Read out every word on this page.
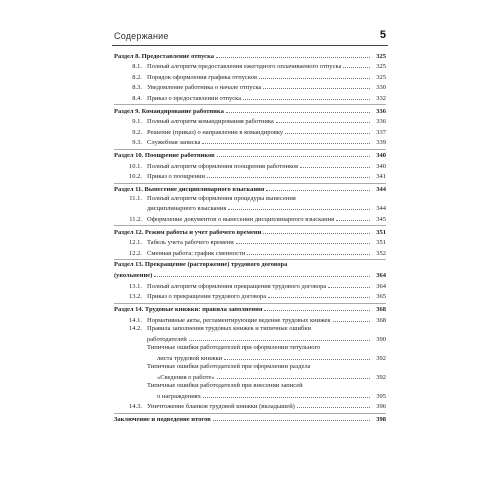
Содержание	5
Раздел 8. Предоставление отпуска	325
8.1. Полный алгоритм предоставления ежегодного оплачиваемого отпуска	325
8.2. Порядок оформления графика отпусков	325
8.3. Уведомление работника о начале отпуска	330
8.4. Приказ о предоставлении отпуска	332
Раздел 9. Командирование работника	336
9.1. Полный алгоритм командирования работника	336
9.2. Решение (приказ) о направлении в командировку	337
9.3. Служебная записка	339
Раздел 10. Поощрение работников	340
10.1. Полный алгоритм оформления поощрения работников	340
10.2. Приказ о поощрении	341
Раздел 11. Вынесение дисциплинарного взыскания	344
11.1. Полный алгоритм оформления процедуры вынесения
дисциплинарного взыскания	344
11.2. Оформление документов о вынесении дисциплинарного взыскания	345
Раздел 12. Режим работы и учет рабочего времени	351
12.1. Табель учета рабочего времени	351
12.2. Сменная работа: график сменности	352
Раздел 13. Прекращение (расторжение) трудового договора
(увольнение)	364
13.1. Полный алгоритм оформления прекращения трудового договора	364
13.2. Приказ о прекращении трудового договора	365
Раздел 14. Трудовые книжки: правила заполнения	368
14.1. Нормативные акты, регламентирующие ведение трудовых книжек	368
14.2. Правила заполнения трудовых книжек и типичные ошибки
работодателей	390
Типичные ошибки работодателей при оформлении титульного
листа трудовой книжки	392
Типичные ошибки работодателей при оформлении раздела
«Сведения о работе»	392
Типичные ошибки работодателей при внесении записей
о награждениях	395
14.3. Уничтожение бланков трудовой книжки (вкладышей)	396
Заключение и подведение итогов	398
